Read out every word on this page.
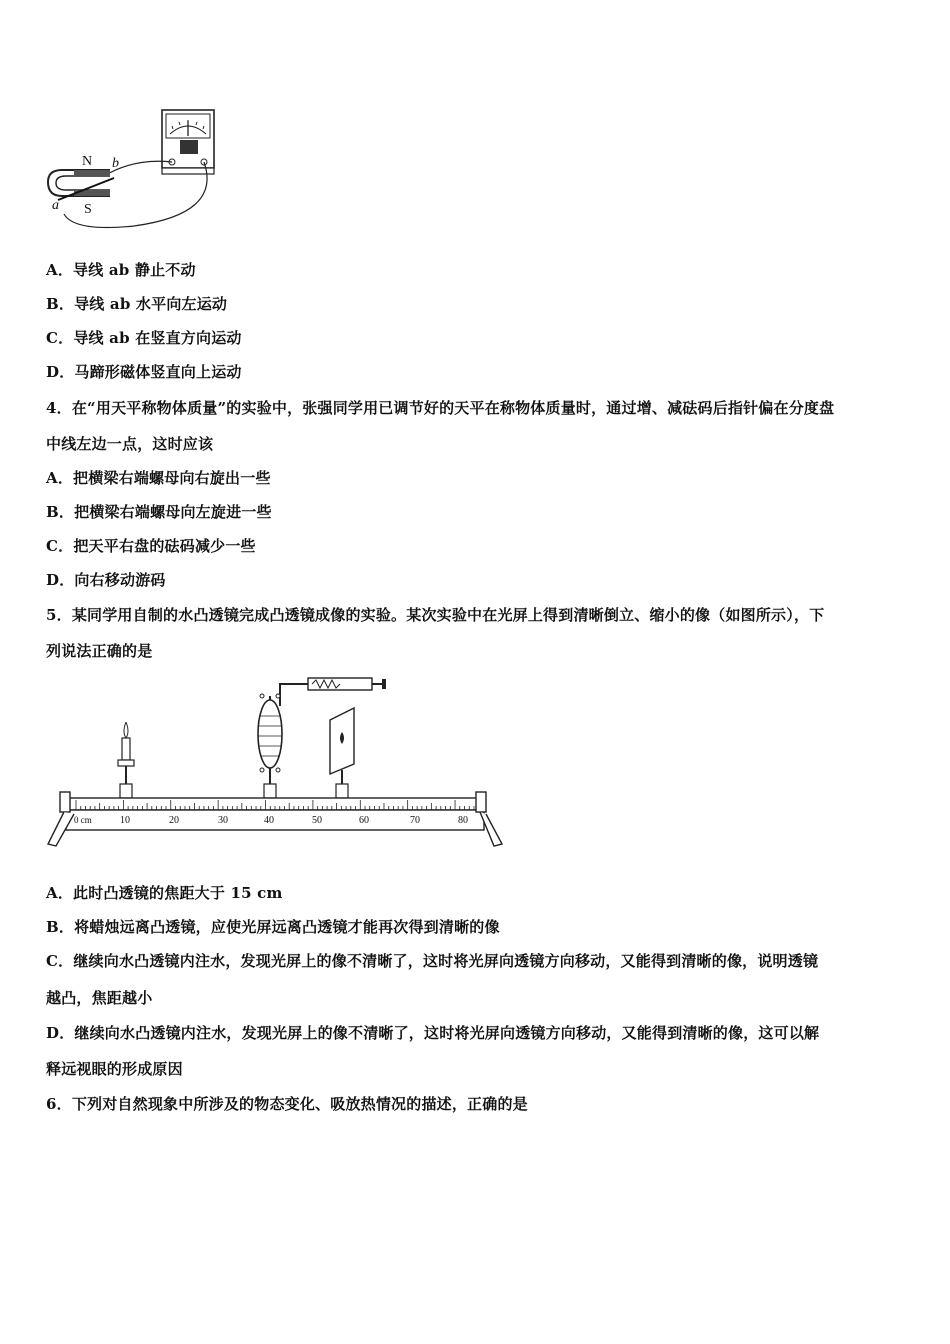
N
S
a
b
A．导线 ab 静止不动
B．导线 ab 水平向左运动
C．导线 ab 在竖直方向运动
D．马蹄形磁体竖直向上运动
4．在“用天平称物体质量”的实验中，张强同学用已调节好的天平在称物体质量时，通过增、减砝码后指针偏在分度盘
中线左边一点，这时应该
A．把横梁右端螺母向右旋出一些
B．把横梁右端螺母向左旋进一些
C．把天平右盘的砝码减少一些
D．向右移动游码
5．某同学用自制的水凸透镜完成凸透镜成像的实验。某次实验中在光屏上得到清晰倒立、缩小的像（如图所示），下
列说法正确的是
0 cm	10	20	30	40	50	60	70	80
A．此时凸透镜的焦距大于 15 cm
B．将蜡烛远离凸透镜，应使光屏远离凸透镜才能再次得到清晰的像
C．继续向水凸透镜内注水，发现光屏上的像不清晰了，这时将光屏向透镜方向移动，又能得到清晰的像，说明透镜
越凸，焦距越小
D．继续向水凸透镜内注水，发现光屏上的像不清晰了，这时将光屏向透镜方向移动，又能得到清晰的像，这可以解
释远视眼的形成原因
6．下列对自然现象中所涉及的物态变化、吸放热情况的描述，正确的是
